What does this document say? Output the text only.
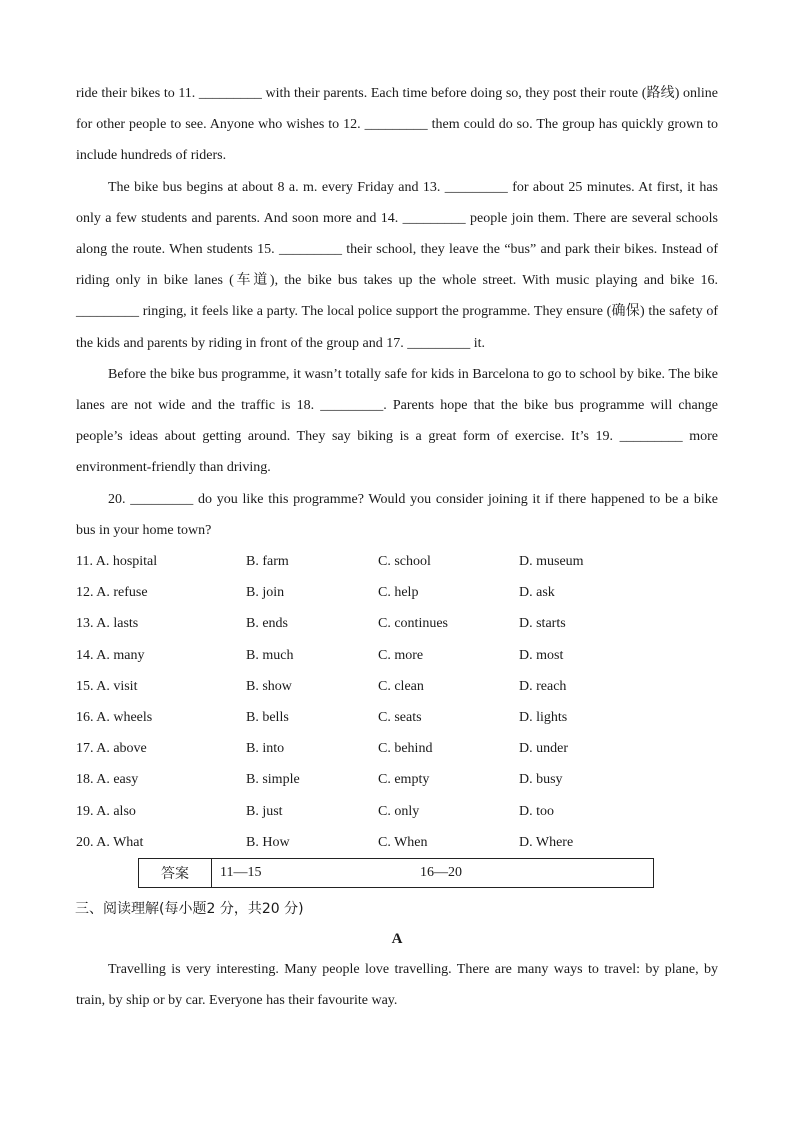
ride their bikes to 11. _________ with their parents. Each time before doing so, they post their route (路线) online for other people to see. Anyone who wishes to 12. _________ them could do so. The group has quickly grown to include hundreds of riders.

The bike bus begins at about 8 a. m. every Friday and 13. _________ for about 25 minutes. At first, it has only a few students and parents. And soon more and 14. _________ people join them. There are several schools along the route. When students 15. _________ their school, they leave the “bus” and park their bikes. Instead of riding only in bike lanes (车道), the bike bus takes up the whole street. With music playing and bike 16. _________ ringing, it feels like a party. The local police support the programme. They ensure (确保) the safety of the kids and parents by riding in front of the group and 17. _________ it.

Before the bike bus programme, it wasn’t totally safe for kids in Barcelona to go to school by bike. The bike lanes are not wide and the traffic is 18. _________. Parents hope that the bike bus programme will change people’s ideas about getting around. They say biking is a great form of exercise. It’s 19. _________ more environment-friendly than driving.

20. _________ do you like this programme? Would you consider joining it if there happened to be a bike bus in your home town?

11. A. hospital	B. farm	C. school	D. museum
12. A. refuse	B. join	C. help	D. ask
13. A. lasts	B. ends	C. continues	D. starts
14. A. many	B. much	C. more	D. most
15. A. visit	B. show	C. clean	D. reach
16. A. wheels	B. bells	C. seats	D. lights
17. A. above	B. into	C. behind	D. under
18. A. easy	B. simple	C. empty	D. busy
19. A. also	B. just	C. only	D. too
20. A. What	B. How	C. When	D. Where
答案	11—15	16—20
三、阅读理解(每小题2 分，共20 分)
A

Travelling is very interesting. Many people love travelling. There are many ways to travel: by plane, by train, by ship or by car. Everyone has their favourite way.
